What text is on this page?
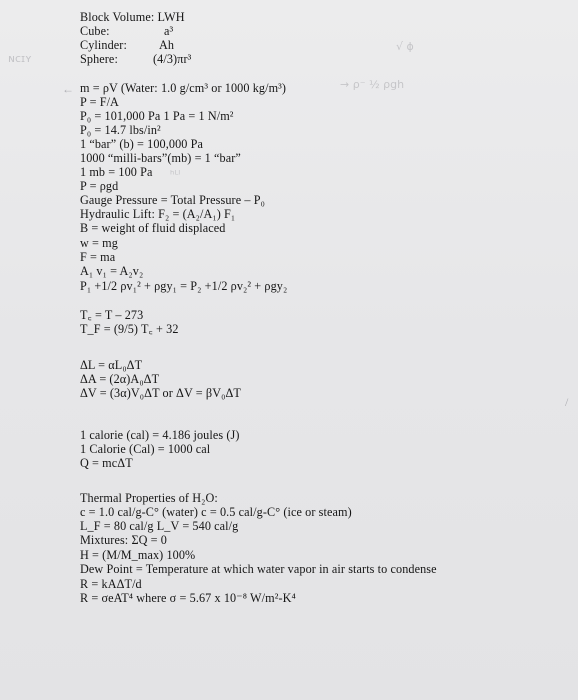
ɴᴄɪʏ
√ ϕ
→ ρ⁻ ½ ρgh
ʰᴸᴵ
←
/
Block Volume: LWH
Cube:	a³
Cylinder:	Ah
Sphere:	(4/3)πr³
m = ρV (Water: 1.0 g/cm³ or 1000 kg/m³)
P = F/A
P₀ = 101,000 Pa 1 Pa = 1 N/m²
P₀ = 14.7 lbs/in²
1 “bar” (b) = 100,000 Pa
1000 “milli-bars”(mb) = 1 “bar”
1 mb = 100 Pa
P = ρgd
Gauge Pressure = Total Pressure – P₀
Hydraulic Lift: F₂ = (A₂/A₁) F₁
B = weight of fluid displaced
w = mg
F = ma
A₁ v₁ = A₂v₂
P₁ +1/2 ρv₁² + ρgy₁ = P₂ +1/2 ρv₂² + ρgy₂
T꜀ = T – 273
T_F = (9/5) T꜀ + 32
ΔL = αL₀ΔT
ΔA = (2α)A₀ΔT
ΔV = (3α)V₀ΔT or ΔV = βV₀ΔT
1 calorie (cal) = 4.186 joules (J)
1 Calorie (Cal) = 1000 cal
Q = mcΔT
Thermal Properties of H₂O:
c = 1.0 cal/g-C° (water) c = 0.5 cal/g-C° (ice or steam)
L_F = 80 cal/g L_V = 540 cal/g
Mixtures: ΣQ = 0
H = (M/M_max) 100%
Dew Point = Temperature at which water vapor in air starts to condense
R = kAΔT/d
R = σeAT⁴ where σ = 5.67 x 10⁻⁸ W/m²-K⁴
